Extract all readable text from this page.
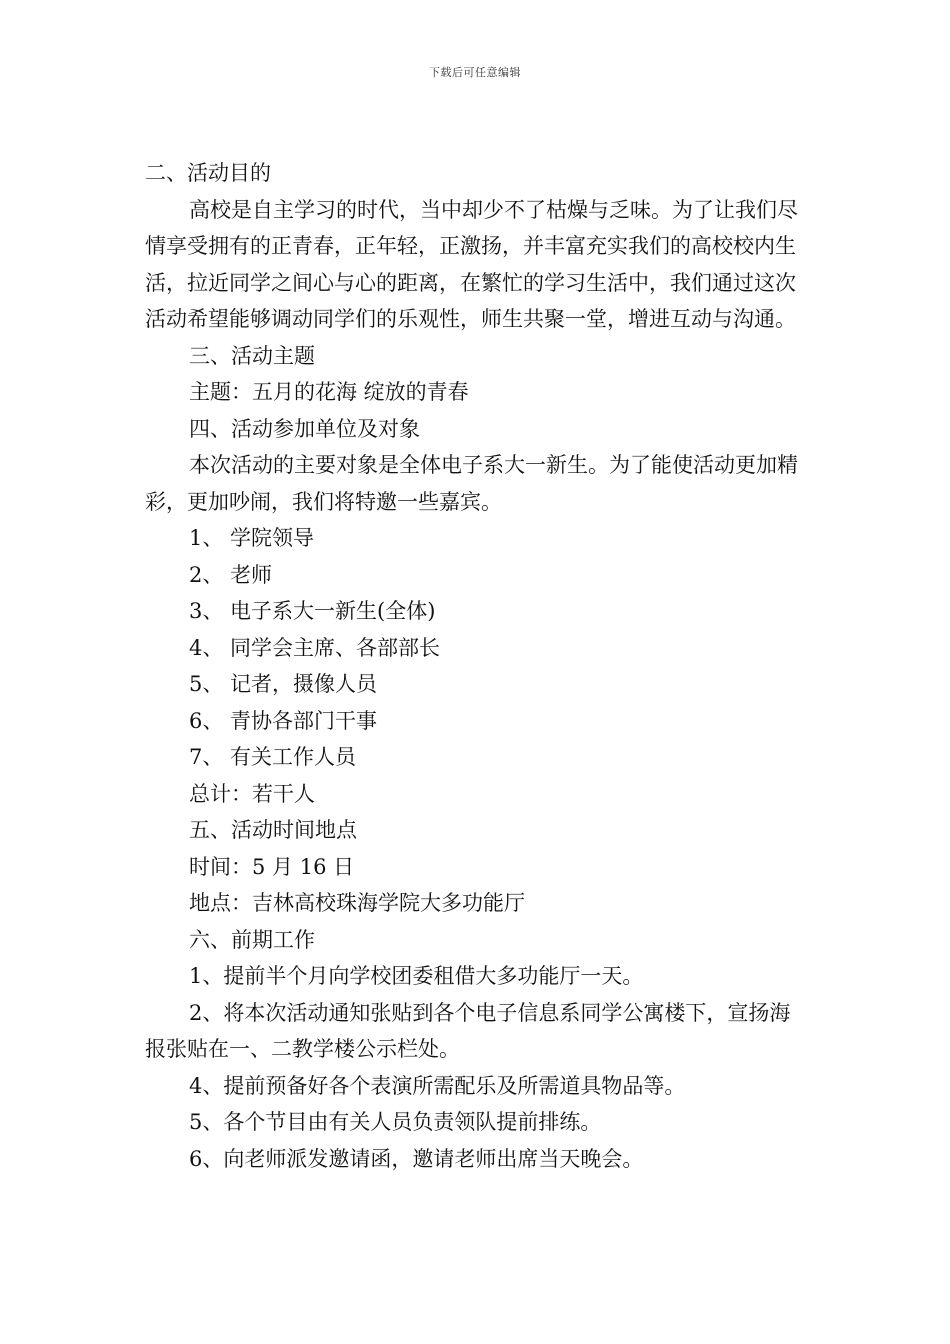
下载后可任意编辑

二、活动目的

高校是自主学习的时代，当中却少不了枯燥与乏味。为了让我们尽情享受拥有的正青春，正年轻，正激扬，并丰富充实我们的高校校内生活，拉近同学之间心与心的距离，在繁忙的学习生活中，我们通过这次活动希望能够调动同学们的乐观性，师生共聚一堂，增进互动与沟通。

三、活动主题

主题：五月的花海 绽放的青春

四、活动参加单位及对象

本次活动的主要对象是全体电子系大一新生。为了能使活动更加精彩，更加吵闹，我们将特邀一些嘉宾。

1、 学院领导

2、 老师

3、 电子系大一新生(全体)

4、 同学会主席、各部部长

5、 记者，摄像人员

6、 青协各部门干事

7、 有关工作人员

总计：若干人

五、活动时间地点

时间：5 月 16 日

地点：吉林高校珠海学院大多功能厅

六、前期工作

1、提前半个月向学校团委租借大多功能厅一天。

2、将本次活动通知张贴到各个电子信息系同学公寓楼下，宣扬海报张贴在一、二教学楼公示栏处。

4、提前预备好各个表演所需配乐及所需道具物品等。

5、各个节目由有关人员负责领队提前排练。

6、向老师派发邀请函，邀请老师出席当天晚会。
